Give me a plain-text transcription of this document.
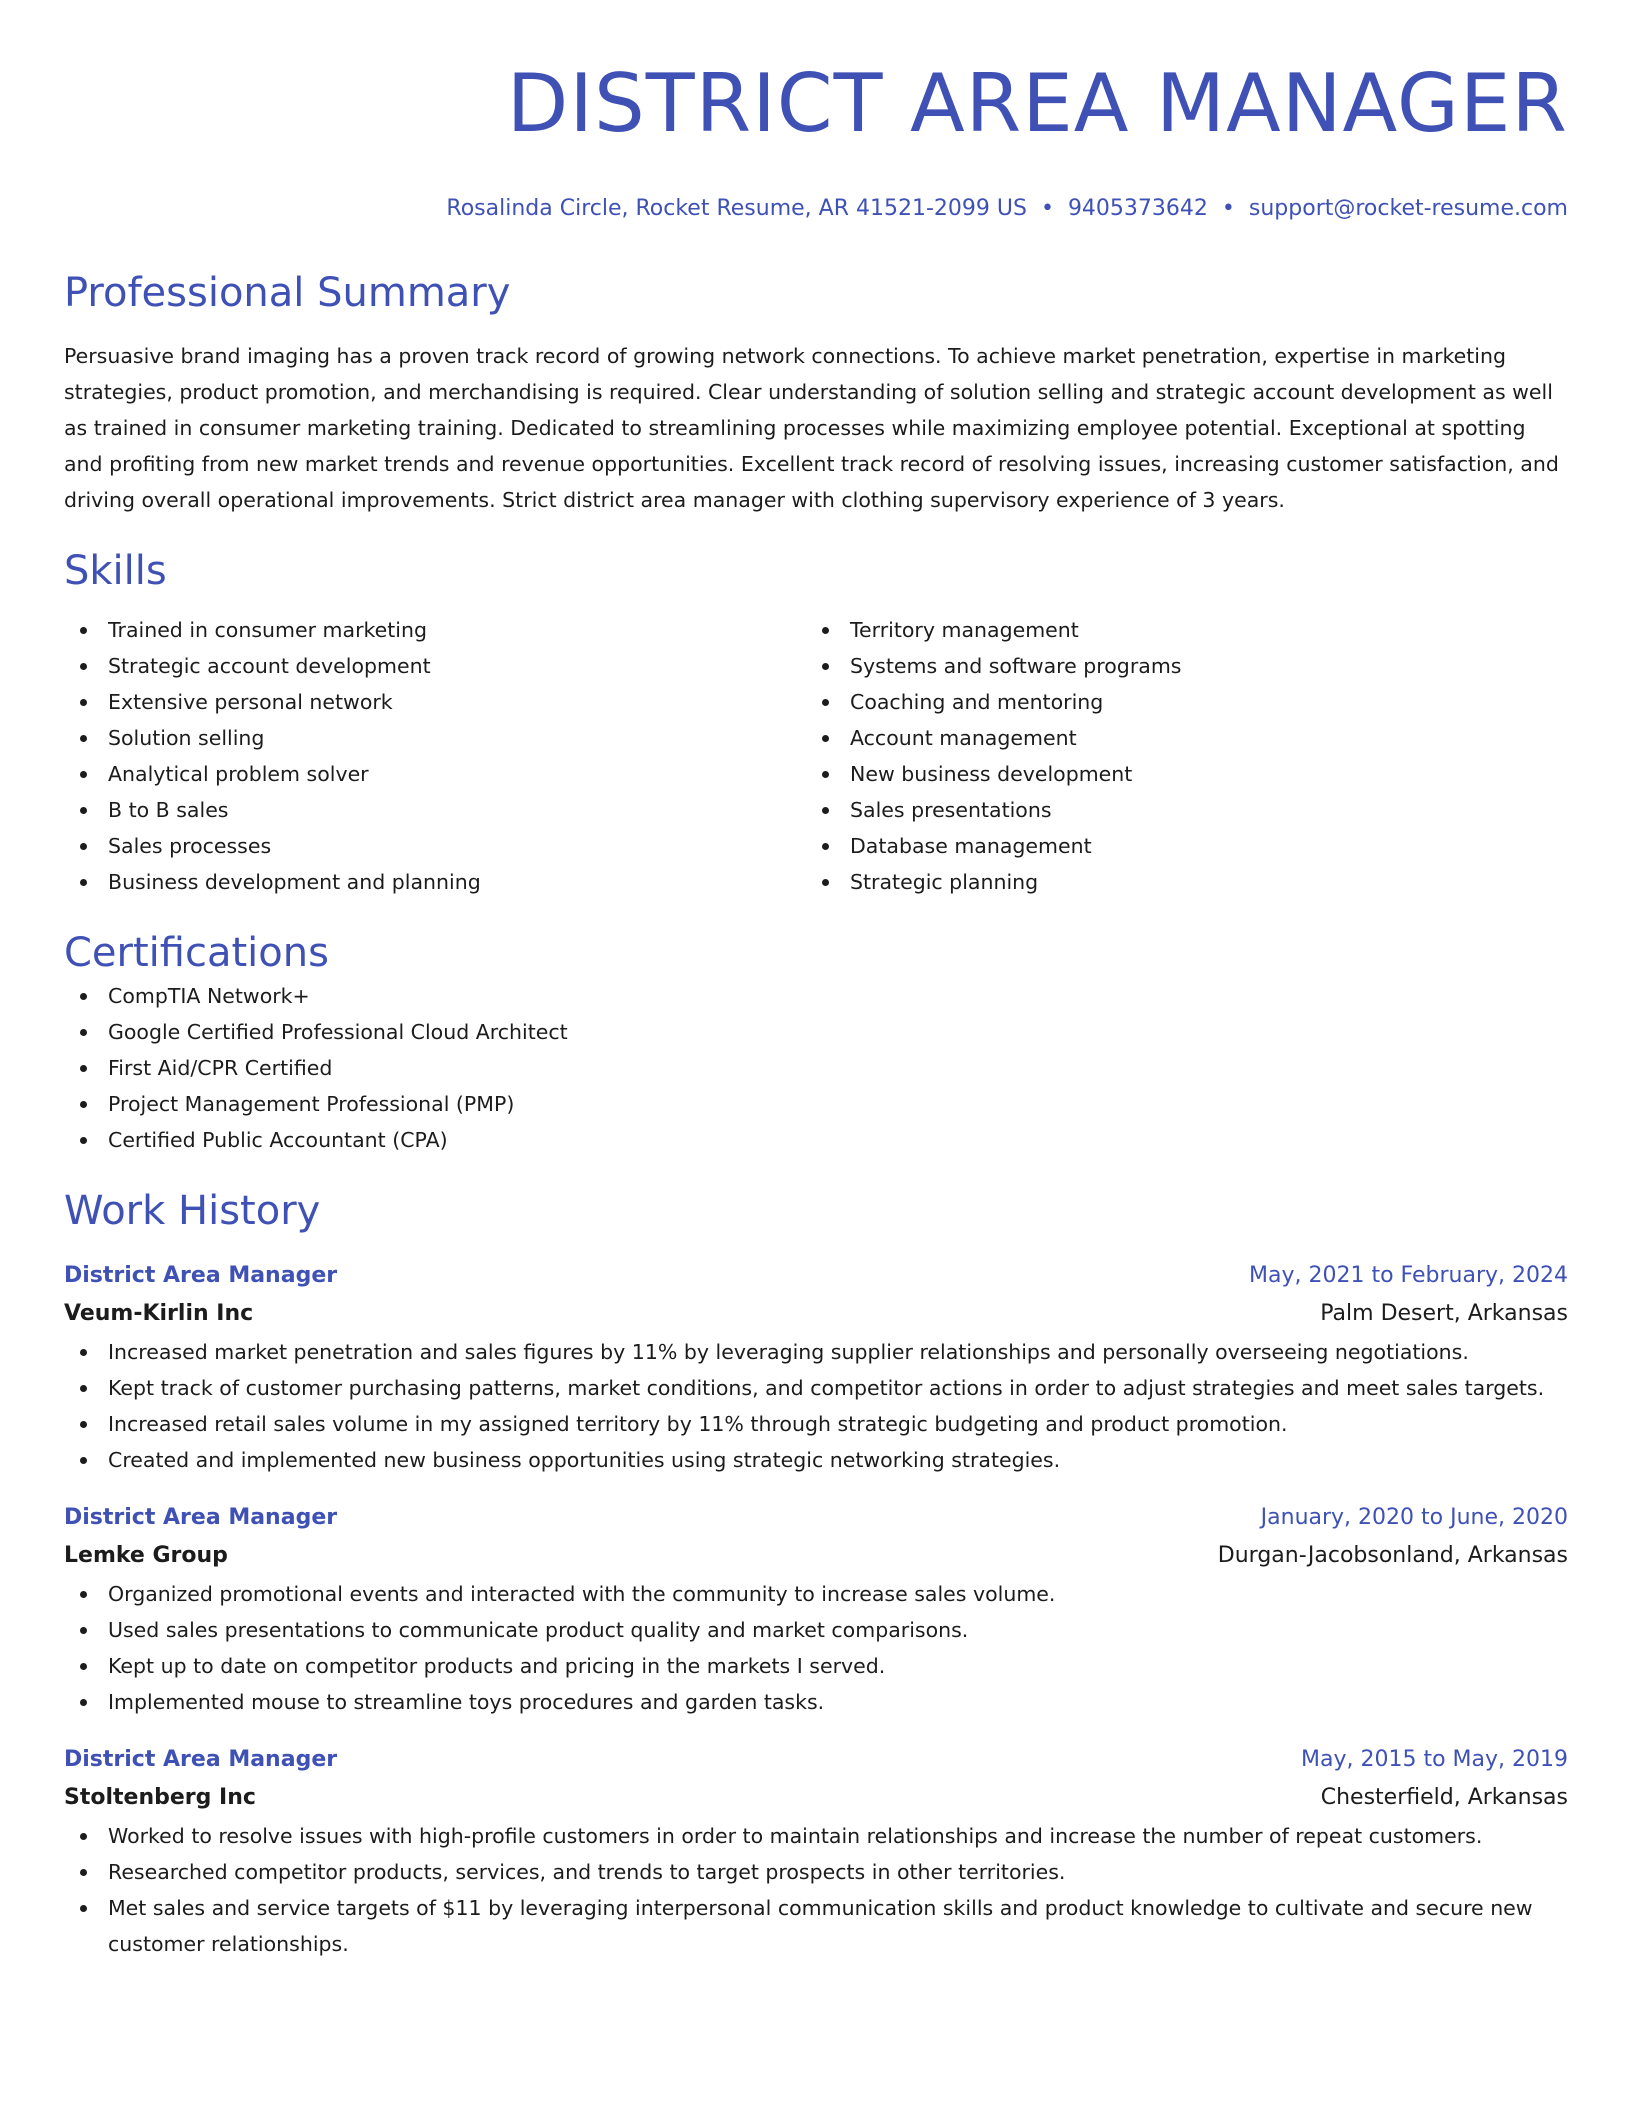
DISTRICT AREA MANAGER
Rosalinda Circle, Rocket Resume, AR 41521-2099 US • 9405373642 • support@rocket-resume.com
Professional Summary

Persuasive brand imaging has a proven track record of growing network connections. To achieve market penetration, expertise in marketing strategies, product promotion, and merchandising is required. Clear understanding of solution selling and strategic account development as well as trained in consumer marketing training. Dedicated to streamlining processes while maximizing employee potential. Exceptional at spotting and profiting from new market trends and revenue opportunities. Excellent track record of resolving issues, increasing customer satisfaction, and driving overall operational improvements. Strict district area manager with clothing supervisory experience of 3 years.

Skills
Trained in consumer marketing
Strategic account development
Extensive personal network
Solution selling
Analytical problem solver
B to B sales
Sales processes
Business development and planning
Territory management
Systems and software programs
Coaching and mentoring
Account management
New business development
Sales presentations
Database management
Strategic planning
Certifications
CompTIA Network+
Google Certified Professional Cloud Architect
First Aid/CPR Certified
Project Management Professional (PMP)
Certified Public Accountant (CPA)
Work History
District Area Manager	May, 2021 to February, 2024
Veum-Kirlin Inc	Palm Desert, Arkansas
Increased market penetration and sales figures by 11% by leveraging supplier relationships and personally overseeing negotiations.
Kept track of customer purchasing patterns, market conditions, and competitor actions in order to adjust strategies and meet sales targets.
Increased retail sales volume in my assigned territory by 11% through strategic budgeting and product promotion.
Created and implemented new business opportunities using strategic networking strategies.
District Area Manager	January, 2020 to June, 2020
Lemke Group	Durgan-Jacobsonland, Arkansas
Organized promotional events and interacted with the community to increase sales volume.
Used sales presentations to communicate product quality and market comparisons.
Kept up to date on competitor products and pricing in the markets I served.
Implemented mouse to streamline toys procedures and garden tasks.
District Area Manager	May, 2015 to May, 2019
Stoltenberg Inc	Chesterfield, Arkansas
Worked to resolve issues with high-profile customers in order to maintain relationships and increase the number of repeat customers.
Researched competitor products, services, and trends to target prospects in other territories.
Met sales and service targets of $11 by leveraging interpersonal communication skills and product knowledge to cultivate and secure new customer relationships.
